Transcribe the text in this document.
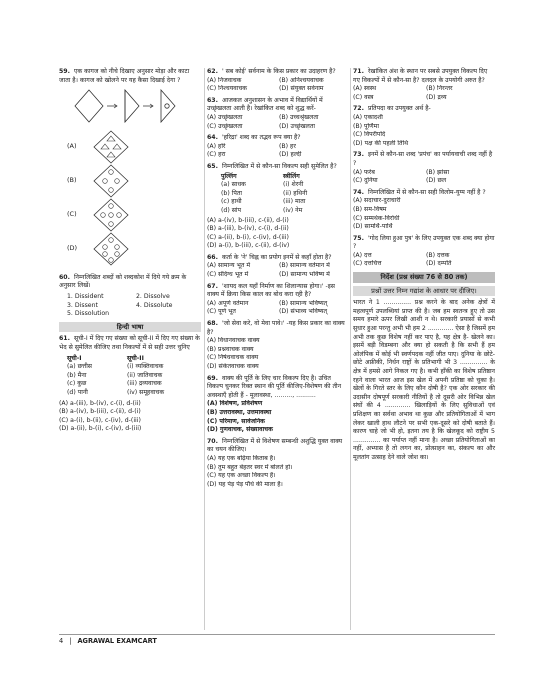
59. एक कागज को नीचे दिखाए अनुसार मोड़ा और काटा जाता है। कागज को खोलने पर यह कैसा दिखाई देगा ?
(A)
(B)
(C)
(D)
60. निम्नलिखित शब्दों को शब्दकोश में दिये गये क्रम के अनुसार लिखें।
1. Dissident	2. Dissolve
3. Dissent	4. Dissolute
5. Dissolution
हिन्दी भाषा
61. सूची-I में दिए गए संख्या को सूची-II में दिए गए संख्या के भेद से सुमेलित कीजिए तथा निकल्पों में से सही उत्तर चुनिए
सूची-I	सूची-II
(a) छत्तीस	(i) व्यक्तिवाचक
(b) मैना	(ii) जातिवाचक
(c) कुछ	(iii) द्रव्यवाचक
(d) पानी	(iv) समूहवाचक
(A) a-(iii), b-(iv), c-(i), d-(ii)
(B) a-(iv), b-(iii), c-(ii), d-(i)
(C) a-(i), b-(ii), c-(iv), d-(iii)
(D) a-(ii), b-(i), c-(iv), d-(iii)
62. ' सब कोई' सर्वनाम के किस प्रकार का उदाहरण है?
(A) निजवाचक	(B) अनिश्चयवाचक
(C) निश्चयवाचक	(D) संयुक्त सर्वनाम
63. आजकल अनुशासन के अभाव में विद्यार्थियों में उच्छृंखलता आती है। रेखांकित शब्द को शुद्ध करें-
(A) उच्छृंखलता	(B) उच्चश्रृंखलता
(C) उच्छृंखलता	(D) उच्छृंखलता
64. 'हरिद्रा' शब्द का तद्भव रूप क्या है?
(A) हरि	(B) हर
(C) हरा	(D) हल्दी
65. निम्नलिखित में से कौन-सा विकल्प सही सुमेलित है?
पुल्लिंग	स्त्रीलिंग
(a) साधक	(i) शेरनी
(b) पिता	(ii) हथिनी
(c) हाथी	(iii) माता
(d) सांप	(iv) नेम
(A) a-(iv), b-(iii), c-(ii), d-(i)
(B) a-(iii), b-(iv), c-(i), d-(ii)
(C) a-(ii), b-(i), c-(iv), d-(iii)
(D) a-(i), b-(iii), c-(ii), d-(iv)
66. कर्ता के 'ने' चिह्न का प्रयोग इनमें से कहाँ होता है?
(A) सामान्य भूत में	(B) सामान्य वर्तमान में
(C) संदिग्ध भूत में	(D) सामान्य भविष्य में
67. 'शायद कल यहाँ निर्माण का शिलान्यास होगा।' -इस वाक्य में क्रिया किस काल का बोध करा रही है?
(A) अपूर्ण वर्तमान	(B) सामान्य भविष्यत्
(C) पूर्ण भूत	(D) संभाव्य भविष्यत्
68. 'जो सेवा करे, वो मेवा पावे।' -यह किस प्रकार का वाक्य है?
(A) विधानवाचक वाक्य
(B) प्रश्नवाचक वाक्य
(C) निषेधवाचक वाक्य
(D) संकेतवाचक वाक्य
69. वाक्य की पूर्ति के लिए चार विकल्प दिए है। उचित विकल्प चुनकर रिक्त स्थान की पूर्ति कीजिए-विशेषण की तीन अवस्थाएँ होती हैं - मूलावस्था, ........., ..........
(A) विशेषण, प्रविशेषण
(B) उत्तरावस्था, उत्तमावस्था
(C) परिमाण, सार्वजनिक
(D) गुणवाचक, संख्यावाचक
70. निम्नलिखित में से विशेषण सम्बन्धी अशुद्धि युक्त वाक्य का चयन कीजिए।
(A) यह एक बढ़िया किताब है।
(B) तुम बहुत बेहतर स्वर में बोलते हो।
(C) यह एक अच्छा विकल्प है।
(D) यह पेड़ पेड़ पौधे की माला है।
71. रेखांकित अंश के स्थान पर सबसे उपयुक्त विकल्प दिए गए विकल्पों में से कौन-सा है? दलदल के उपयोगी अरुत है?
(A) स्वस्थ	(B) निरन्तर
(C) वस्त्र	(D) द्रव्य
72. प्रतिपदा का उपयुक्त अर्थ है-
(A) एकादशी
(B) पूर्णिमा
(C) विपरीपदि
(D) पक्ष की पहली तिथि
73. इनमें से कौन-सा शब्द 'प्रपंच' का पर्यायवाची शब्द नहीं है ?
(A) फरेब	(B) झांसा
(C) दुनिया	(D) छल
74. निम्नलिखित में से कौन-सा सही विलोम-युग्म नहीं है ?
(A) सदाचार-दुराचारी
(B) सम-विषम
(C) सम्मर्थक-विरोधी
(D) सामर्थि-पार्थि
75. 'गोद लिया हुआ पुत्र' के लिए उपयुक्त एक शब्द क्या होगा ?
(A) दत्त	(B) दत्तक
(C) दत्तचित्त	(D) दम्पति
निर्देश (प्रश्न संख्या 76 से 80 तक)
प्रश्नों उत्तर निम्न गद्यांश के आधार पर दीजिए।
भारत ने 1 .............. प्रश्न करने के बाद अनेक क्षेत्रों में महत्वपूर्ण उपलब्धियां प्राप्त की है। जब हम स्वतन्त्र हुए तो उस समय हमारे ऊपर लिखी आशी न थे। सरकारी प्रयासों से कभी सुधार हुआ परन्तु अभी भी हम 2 ............. ऐसा है जिसमें हम अभी तक कुछ विशेष नहीं कर पाए है, यह क्षेत्र है- खेलने का। इसमें बड़ी विडम्बना और क्या हो सकती है कि सभी हैं हम ओलंपिक में कोई भी स्वर्णपदक नहीं जीत पाए। दुनिया के छोटे-छोटे अफ्रीकी, निर्धन राष्ट्रों के प्रतिभागी भी 3 .............. के क्षेत्र में हमसे आगे निकल गए है। कभी हाँकी का विशेष प्रतिष्ठान रहने वाला भारत आज इस खेल में अपनी प्रतिष्ठा को चुका है। खेलों के गिरते स्तर के लिए कौन दोषी है? एक ओर सरकार की उदासीन दोषपूर्ण सरकारी नीतियों है तो दूसरी ओर विभिन्न खेल संघों की 4 ............. खिलाड़ियों के लिए सुविधाओं एवं प्रशिक्षण का सर्वथा अभाव था कुछ और प्रतियोगिताओं में भाग लेकर खाली हाथ लौटने पर सभी एक-दूसरे को दोषी बताते हैं। कारण चाहे जो भी हो, इतना तय है कि खेलकूद को राष्ट्रीय 5 .............. का पर्याप्त नहीं माना है। अच्छा प्रतियोगिताओं का नहीं, अभ्यास है तो लगन का, प्रोत्साहन का, संकल्प का और मूलतांग उत्साह देने वाले जोश का।
4 | AGRAWAL EXAMCART
